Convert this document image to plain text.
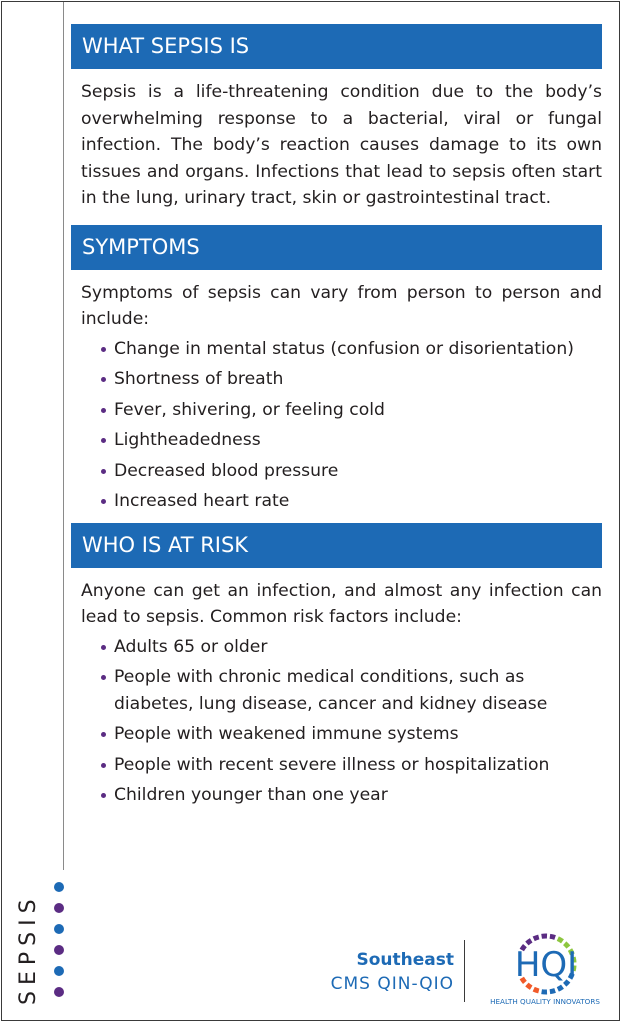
WHAT SEPSIS IS

Sepsis is a life-threatening condition due to the body’s overwhelming response to a bacterial, viral or fungal infection. The body’s reaction causes damage to its own tissues and organs. Infections that lead to sepsis often start in the lung, urinary tract, skin or gastrointestinal tract.

SYMPTOMS

Symptoms of sepsis can vary from person to person and include:

Change in mental status (confusion or disorientation)
Shortness of breath
Fever, shivering, or feeling cold
Lightheadedness
Decreased blood pressure
Increased heart rate
WHO IS AT RISK

Anyone can get an infection, and almost any infection can lead to sepsis. Common risk factors include:

Adults 65 or older
People with chronic medical conditions, such as diabetes, lung disease, cancer and kidney disease
People with weakened immune systems
People with recent severe illness or hospitalization
Children younger than one year
SEPSIS	Southeast
CMS QIN-QIO HQI
HEALTH QUALITY INNOVATORS
